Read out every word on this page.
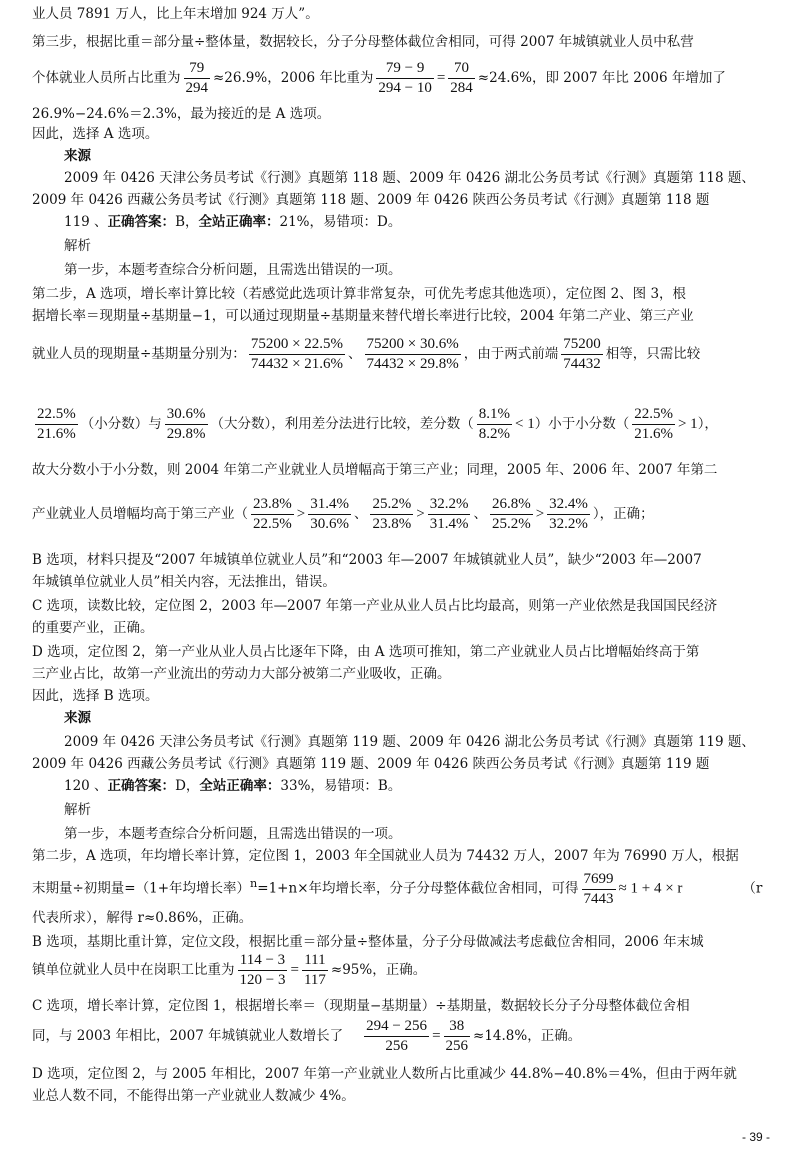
业人员 7891 万人，比上年末增加 924 万人”。
第三步，根据比重＝部分量÷整体量，数据较长，分子分母整体截位舍相同，可得 2007 年城镇就业人员中私营
个体就业人员所占比重为 $\frac{79}{294} \approx 26.9\%$，2006 年比重为 $\frac{79 - 9}{294 - 10} = \frac{70}{284} \approx 24.6\%$，即 2007 年比 2006 年增加了
26.9%−24.6%＝2.3%，最为接近的是 A 选项。
因此，选择 A 选项。
来源
2009 年 0426 天津公务员考试《行测》真题第 118 题、2009 年 0426 湖北公务员考试《行测》真题第 118 题、
2009 年 0426 西藏公务员考试《行测》真题第 118 题、2009 年 0426 陕西公务员考试《行测》真题第 118 题
119 、正确答案：B，全站正确率：21%，易错项：D。
解析
第一步，本题考查综合分析问题，且需选出错误的一项。
第二步，A 选项，增长率计算比较（若感觉此选项计算非常复杂，可优先考虑其他选项），定位图 2、图 3，根
据增长率＝现期量÷基期量−1，可以通过现期量÷基期量来替代增长率进行比较，2004 年第二产业、第三产业
就业人员的现期量÷基期量分别为： $\frac{75200 \times 22.5\%}{74432 \times 21.6\%}$ 、 $\frac{75200 \times 30.6\%}{74432 \times 29.8\%}$ ，由于两式前端 $\frac{75200}{74432}$ 相等，只需比较
$\frac{22.5\%}{21.6\%}$ （小分数）与 $\frac{30.6\%}{29.8\%}$ （大分数），利用差分法进行比较，差分数（ $\frac{8.1\%}{8.2\%} < 1$）小于小分数（ $\frac{22.5\%}{21.6\%} > 1$），
故大分数小于小分数，则 2004 年第二产业就业人员增幅高于第三产业；同理，2005 年、2006 年、2007 年第二
产业就业人员增幅均高于第三产业（ $\frac{23.8\%}{22.5\%} > \frac{31.4\%}{30.6\%}$ 、 $\frac{25.2\%}{23.8\%} > \frac{32.2\%}{31.4\%}$ 、 $\frac{26.8\%}{25.2\%} > \frac{32.4\%}{32.2\%}$ ），正确；
B 选项，材料只提及“2007 年城镇单位就业人员”和“2003 年—2007 年城镇就业人员”，缺少“2003 年—2007
年城镇单位就业人员”相关内容，无法推出，错误。
C 选项，读数比较，定位图 2，2003 年—2007 年第一产业从业人员占比均最高，则第一产业依然是我国国民经济
的重要产业，正确。
D 选项，定位图 2，第一产业从业人员占比逐年下降，由 A 选项可推知，第二产业就业人员占比增幅始终高于第
三产业占比，故第一产业流出的劳动力大部分被第二产业吸收，正确。
因此，选择 B 选项。
来源
2009 年 0426 天津公务员考试《行测》真题第 119 题、2009 年 0426 湖北公务员考试《行测》真题第 119 题、
2009 年 0426 西藏公务员考试《行测》真题第 119 题、2009 年 0426 陕西公务员考试《行测》真题第 119 题
120 、正确答案：D，全站正确率：33%，易错项：B。
解析
第一步，本题考查综合分析问题，且需选出错误的一项。
第二步，A 选项，年均增长率计算，定位图 1，2003 年全国就业人员为 74432 万人，2007 年为 76990 万人，根据
末期量÷初期量=（1+年均增长率）$^n$=1+n×年均增长率，分子分母整体截位舍相同，可得 $\frac{7699}{7443} \approx 1 + 4 \times r$	（r
代表所求），解得 r≈0.86%，正确。
B 选项，基期比重计算，定位文段，根据比重＝部分量÷整体量，分子分母做减法考虑截位舍相同，2006 年末城
镇单位就业人员中在岗职工比重为 $\frac{114 - 3}{120 - 3} = \frac{111}{117} \approx 95\%$，正确。
C 选项，增长率计算，定位图 1，根据增长率＝（现期量−基期量）÷基期量，数据较长分子分母整体截位舍相
同，与 2003 年相比，2007 年城镇就业人数增长了 $\frac{294 - 256}{256} = \frac{38}{256} \approx 14.8\%$，正确。
D 选项，定位图 2，与 2005 年相比，2007 年第一产业就业人数所占比重减少 44.8%−40.8%＝4%，但由于两年就
业总人数不同，不能得出第一产业就业人数减少 4%。
- 39 -
